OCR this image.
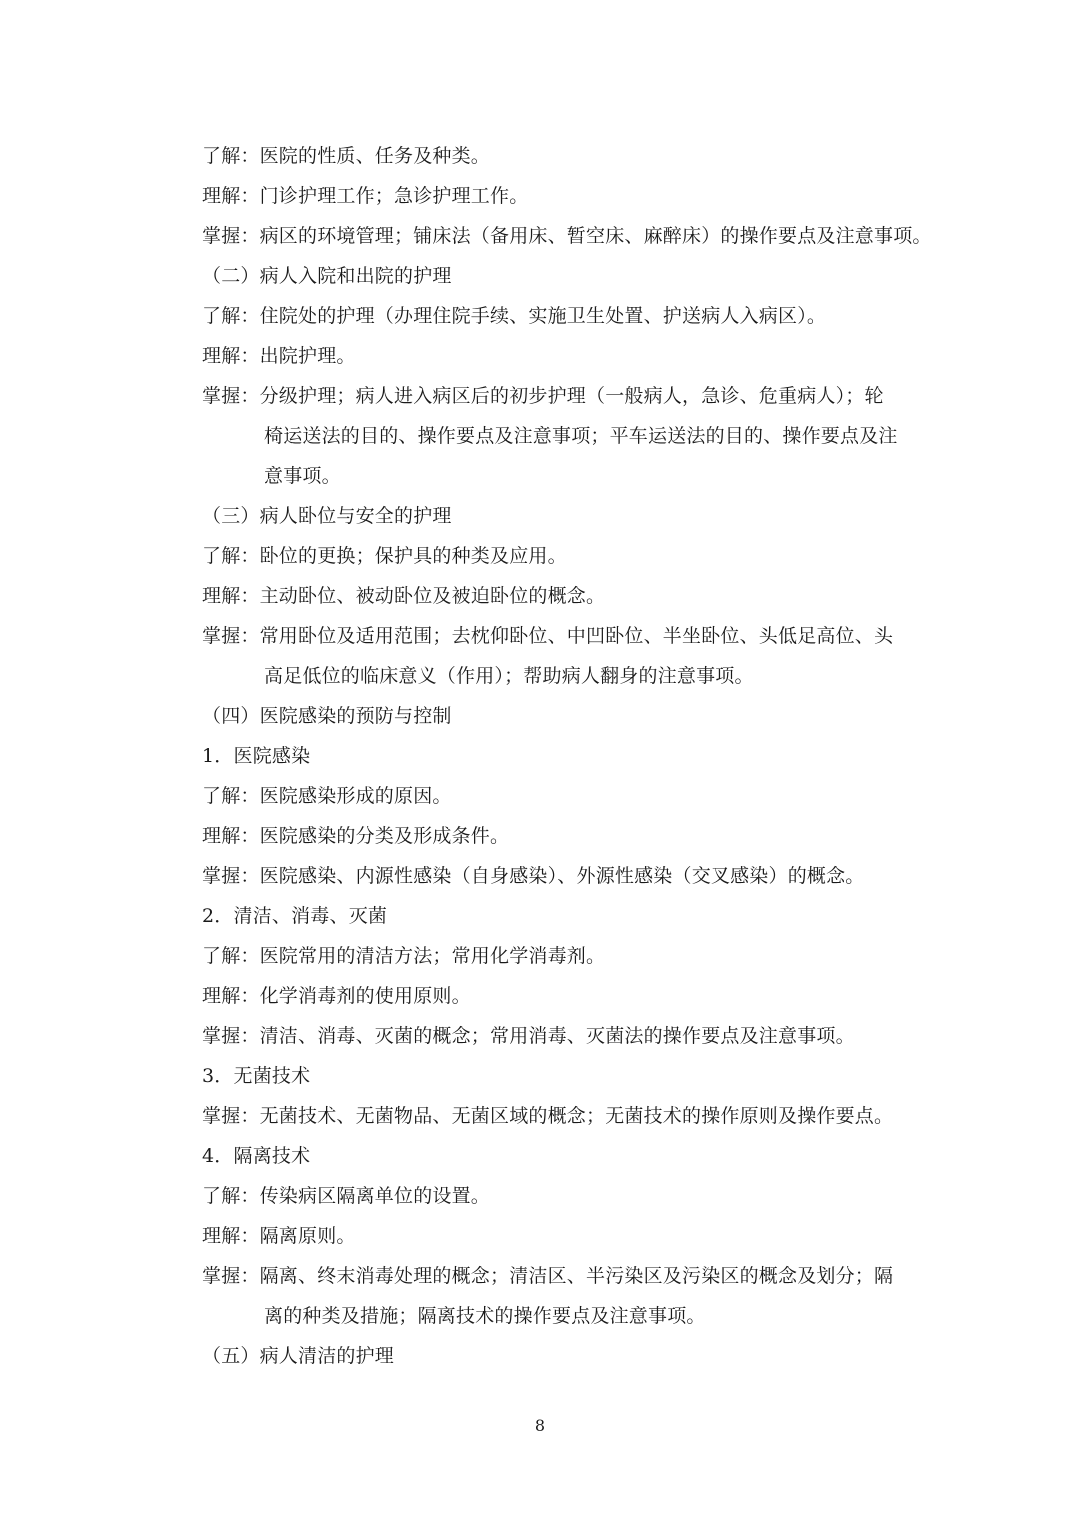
了解：医院的性质、任务及种类。
理解：门诊护理工作；急诊护理工作。
掌握：病区的环境管理；铺床法（备用床、暂空床、麻醉床）的操作要点及注意事项。
（二）病人入院和出院的护理
了解：住院处的护理（办理住院手续、实施卫生处置、护送病人入病区）。
理解：出院护理。
掌握：分级护理；病人进入病区后的初步护理（一般病人，急诊、危重病人）；轮
椅运送法的目的、操作要点及注意事项；平车运送法的目的、操作要点及注
意事项。
（三）病人卧位与安全的护理
了解：卧位的更换；保护具的种类及应用。
理解：主动卧位、被动卧位及被迫卧位的概念。
掌握：常用卧位及适用范围；去枕仰卧位、中凹卧位、半坐卧位、头低足高位、头
高足低位的临床意义（作用）；帮助病人翻身的注意事项。
（四）医院感染的预防与控制
1．医院感染
了解：医院感染形成的原因。
理解：医院感染的分类及形成条件。
掌握：医院感染、内源性感染（自身感染）、外源性感染（交叉感染）的概念。
2．清洁、消毒、灭菌
了解：医院常用的清洁方法；常用化学消毒剂。
理解：化学消毒剂的使用原则。
掌握：清洁、消毒、灭菌的概念；常用消毒、灭菌法的操作要点及注意事项。
3．无菌技术
掌握：无菌技术、无菌物品、无菌区域的概念；无菌技术的操作原则及操作要点。
4．隔离技术
了解：传染病区隔离单位的设置。
理解：隔离原则。
掌握：隔离、终末消毒处理的概念；清洁区、半污染区及污染区的概念及划分；隔
离的种类及措施；隔离技术的操作要点及注意事项。
（五）病人清洁的护理
8
